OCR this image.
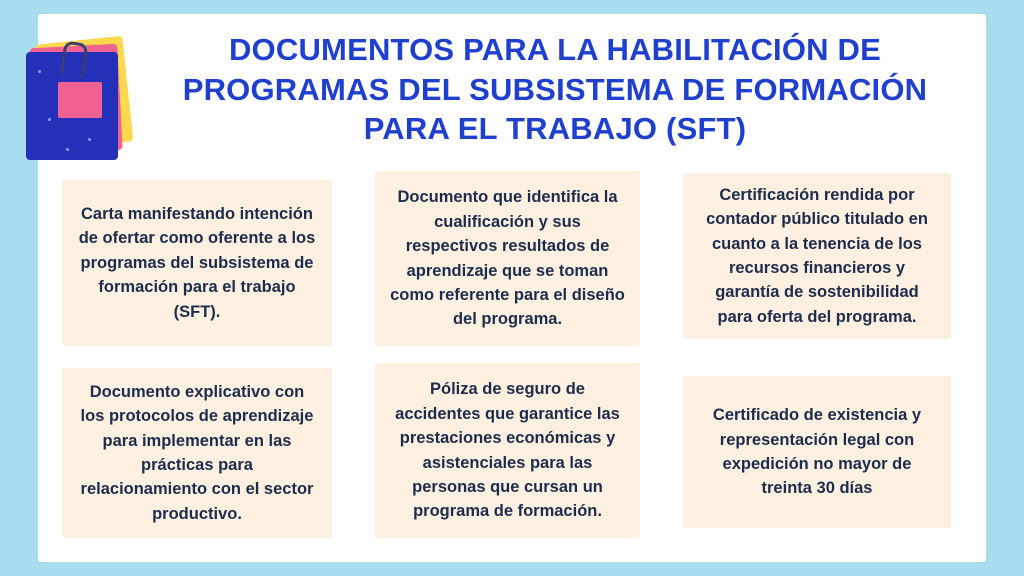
DOCUMENTOS PARA LA HABILITACIÓN DE PROGRAMAS DEL SUBSISTEMA DE FORMACIÓN PARA EL TRABAJO (SFT)
Carta manifestando intención de ofertar como oferente a los programas del subsistema de formación para el trabajo (SFT).
Documento que identifica la cualificación y sus respectivos resultados de aprendizaje que se toman como referente para el diseño del programa.
Certificación rendida por contador público titulado en cuanto a la tenencia de los recursos financieros y garantía de sostenibilidad para oferta del programa.
Documento explicativo con los protocolos de aprendizaje para implementar en las prácticas para relacionamiento con el sector productivo.
Póliza de seguro de accidentes que garantice las prestaciones económicas y asistenciales para las personas que cursan un programa de formación.
Certificado de existencia y representación legal con expedición no mayor de treinta 30 días
